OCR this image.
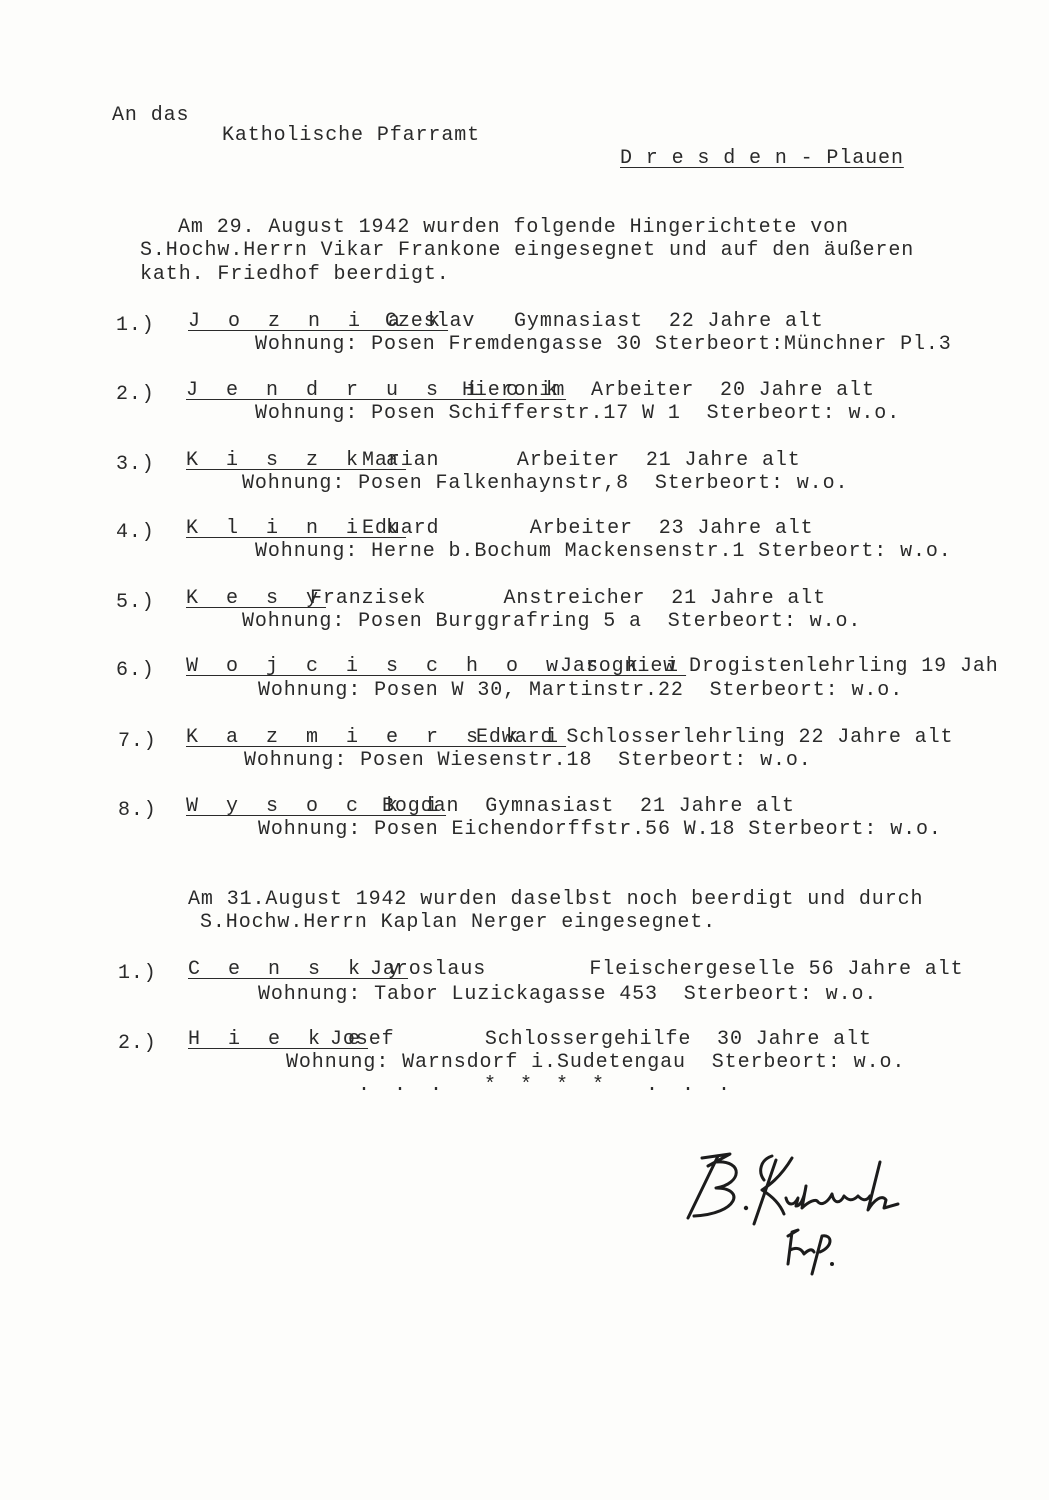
An das
Katholische Pfarramt
D r e s d e n - Plauen
Am 29. August 1942 wurden folgende Hingerichtete von
S.Hochw.Herrn Vikar Frankone eingesegnet und auf den äußeren
kath. Friedhof beerdigt.
1.) J o z n i a k
Czeslav   Gymnasiast  22 Jahre alt
Wohnung: Posen Fremdengasse 30 Sterbeort:Münchner Pl.3
2.) J e n d r u s i c k
Hieronim  Arbeiter  20 Jahre alt
Wohnung: Posen Schifferstr.17 W 1  Sterbeort: w.o.
3.) K i s z k a
Marian      Arbeiter  21 Jahre alt
Wohnung: Posen Falkenhaynstr,8  Sterbeort: w.o.
4.) K l i n i k
Eduard       Arbeiter  23 Jahre alt
Wohnung: Herne b.Bochum Mackensenstr.1 Sterbeort: w.o.
5.) K e s y
Franzisek      Anstreicher  21 Jahre alt
Wohnung: Posen Burggrafring 5 a  Sterbeort: w.o.
6.) W o j c i s c h o w s k i
Jarogniew Drogistenlehrling 19 Jah
Wohnung: Posen W 30, Martinstr.22  Sterbeort: w.o.
7.) K a z m i e r s k i
Edward Schlosserlehrling 22 Jahre alt
Wohnung: Posen Wiesenstr.18  Sterbeort: w.o.
8.) W y s o c k i
Bogdan  Gymnasiast  21 Jahre alt
Wohnung: Posen Eichendorffstr.56 W.18 Sterbeort: w.o.
Am 31.August 1942 wurden daselbst noch beerdigt und durch
S.Hochw.Herrn Kaplan Nerger eingesegnet.
1.) C e n s k y
Jaroslaus        Fleischergeselle 56 Jahre alt
Wohnung: Tabor Luzickagasse 453  Sterbeort: w.o.
2.) H i e k e
Josef       Schlossergehilfe  30 Jahre alt
Wohnung: Warnsdorf i.Sudetengau  Sterbeort: w.o.
. . .  * * * *  . . .
